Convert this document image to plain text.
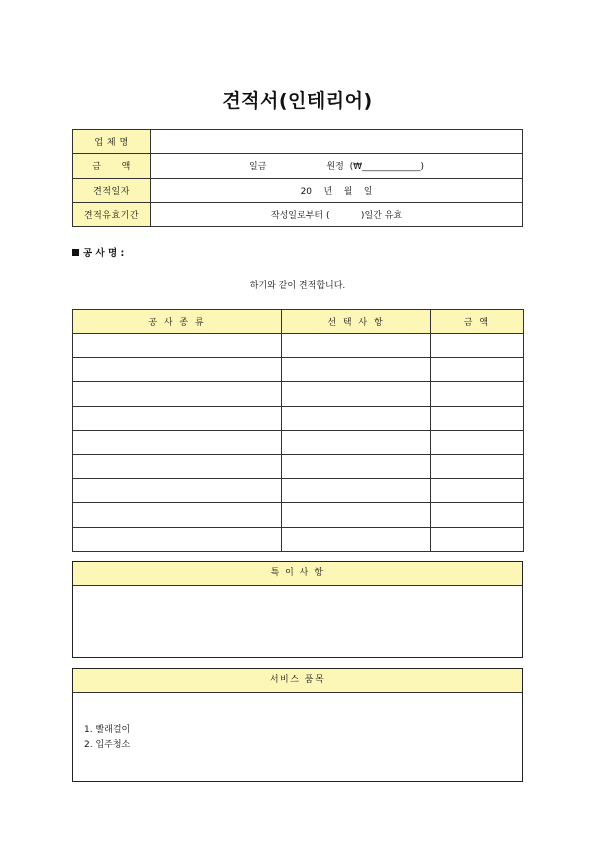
견적서(인테리어)
업 체 명	
금      액	일금                     원정  (₩_____________)
견적일자	20    년    월    일
견적유효기간	작성일로부터 (           )일간 유효
공 사 명 :
하기와 같이 견적합니다.
공 사 종 류	선 택 사 항	금 액

특 이 사 항
서비스 품목
1. 빨래걸이
2. 입주청소
